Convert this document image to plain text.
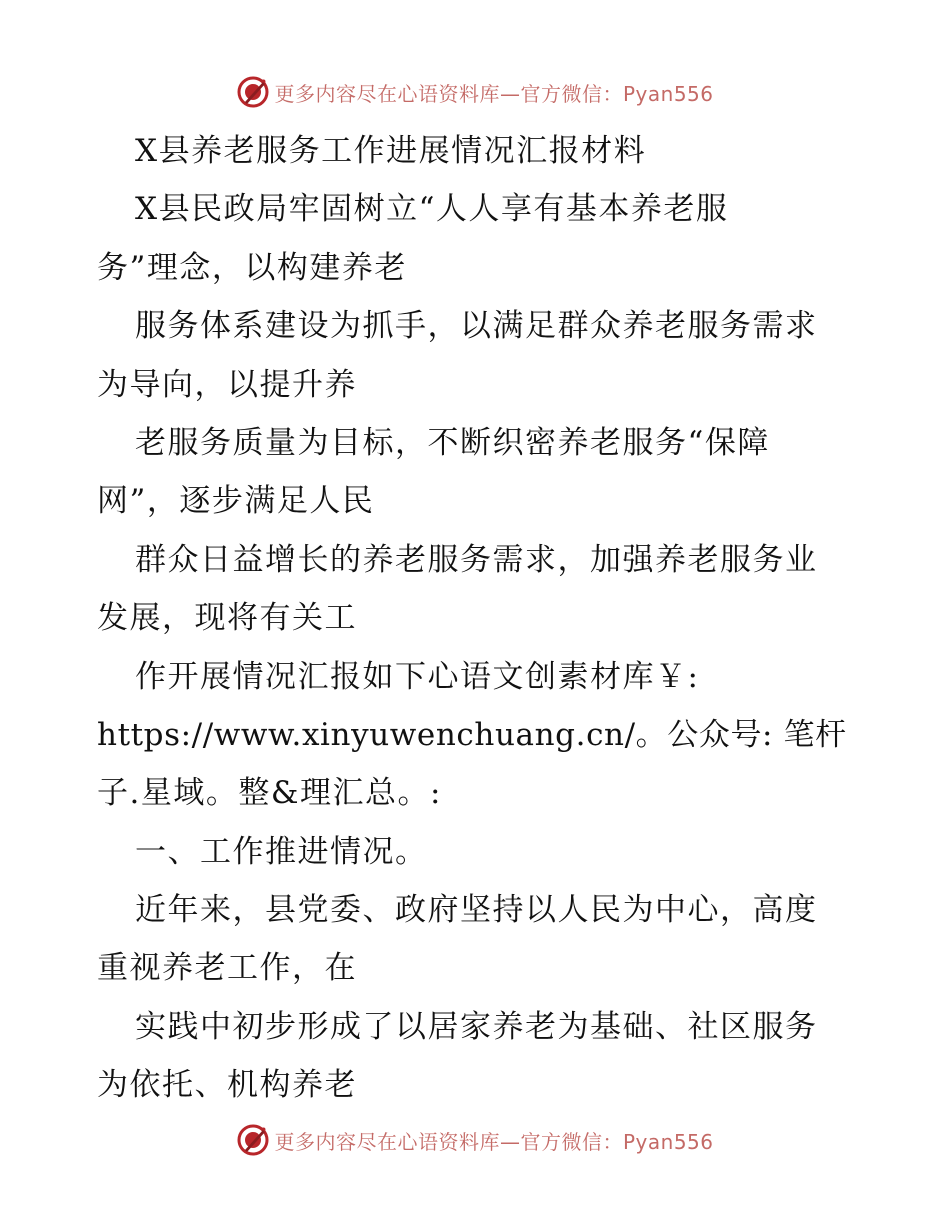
更多内容尽在心语资料库—官方微信：Pyan556
X县养老服务工作进展情况汇报材料
X县民政局牢固树立“人人享有基本养老服
务”理念，以构建养老
服务体系建设为抓手，以满足群众养老服务需求
为导向，以提升养
老服务质量为目标，不断织密养老服务“保障
网”，逐步满足人民
群众日益增长的养老服务需求，加强养老服务业
发展，现将有关工
作开展情况汇报如下心语文创素材库￥:
https://www.xinyuwenchuang.cn/。公众号: 笔杆
子.星域。整&理汇总。:
一、工作推进情况。
近年来，县党委、政府坚持以人民为中心，高度
重视养老工作，在
实践中初步形成了以居家养老为基础、社区服务
为依托、机构养老
更多内容尽在心语资料库—官方微信：Pyan556
